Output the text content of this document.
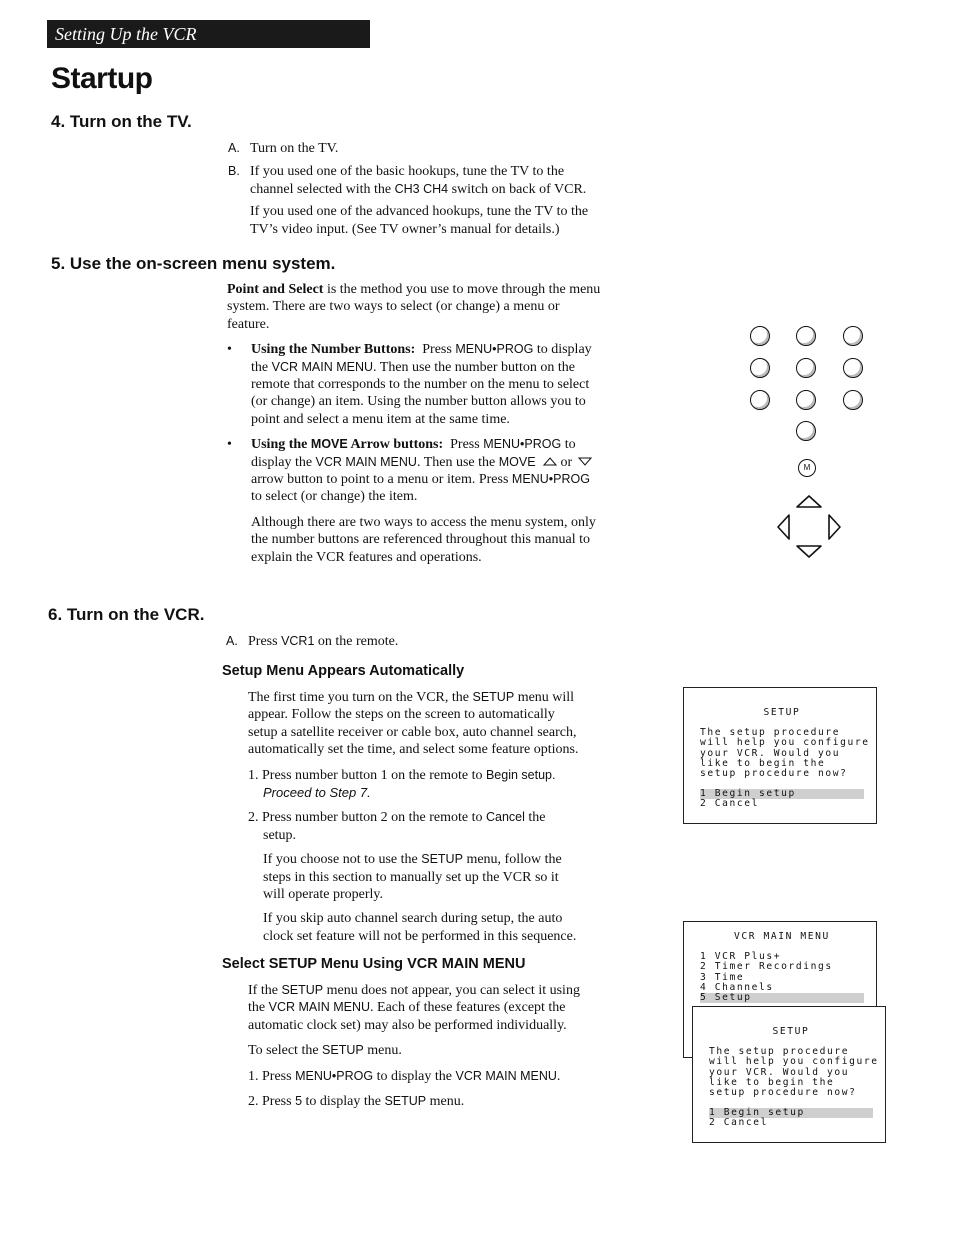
Setting Up the VCR
Startup
4. Turn on the TV.
A. Turn on the TV.
B. If you used one of the basic hookups, tune the TV to the
channel selected with the CH3 CH4 switch on back of VCR.
If you used one of the advanced hookups, tune the TV to the
TV’s video input. (See TV owner’s manual for details.)
5. Use the on-screen menu system.
Point and Select is the method you use to move through the menu
system. There are two ways to select (or change) a menu or
feature.
• Using the Number Buttons: Press MENU•PROG to display
the VCR MAIN MENU. Then use the number button on the
remote that corresponds to the number on the menu to select
(or change) an item. Using the number button allows you to
point and select a menu item at the same time.
• Using the MOVE Arrow buttons: Press MENU•PROG to
display the VCR MAIN MENU. Then use the MOVE  or
arrow button to point to a menu or item. Press MENU•PROG
to select (or change) the item.
Although there are two ways to access the menu system, only
the number buttons are referenced throughout this manual to
explain the VCR features and operations.
M
6. Turn on the VCR.
A. Press VCR1 on the remote.
Setup Menu Appears Automatically
The first time you turn on the VCR, the SETUP menu will
appear. Follow the steps on the screen to automatically
setup a satellite receiver or cable box, auto channel search,
automatically set the time, and select some feature options.
1. Press number button 1 on the remote to Begin setup.
Proceed to Step 7.
2. Press number button 2 on the remote to Cancel the
setup.
If you choose not to use the SETUP menu, follow the
steps in this section to manually set up the VCR so it
will operate properly.
If you skip auto channel search during setup, the auto
clock set feature will not be performed in this sequence.
Select SETUP Menu Using VCR MAIN MENU
If the SETUP menu does not appear, you can select it using
the VCR MAIN MENU. Each of these features (except the
automatic clock set) may also be performed individually.
To select the SETUP menu.
1. Press MENU•PROG to display the VCR MAIN MENU.
2. Press 5 to display the SETUP menu.
SETUP
The setup procedure
will help you configure
your VCR. Would you
like to begin the
setup procedure now?
1 Begin setup
2 Cancel
VCR MAIN MENU
1 VCR Plus+
2 Timer Recordings
3 Time
4 Channels
5 Setup
SETUP
The setup procedure
will help you configure
your VCR. Would you
like to begin the
setup procedure now?
1 Begin setup
2 Cancel
